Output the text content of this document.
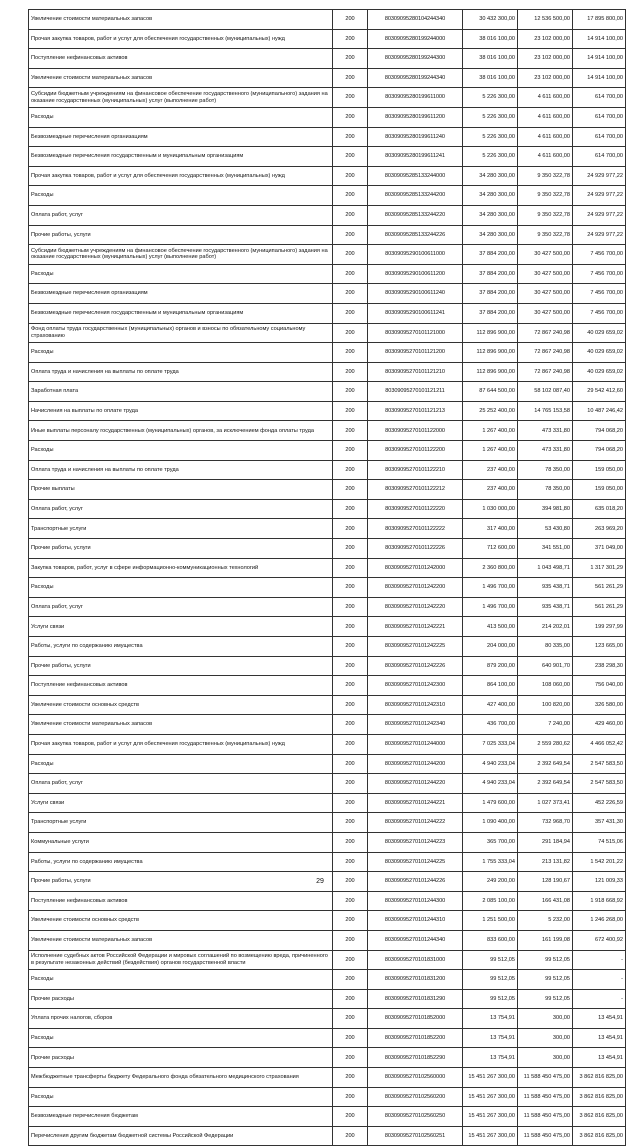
Увеличение стоимости материальных запасов	200	80309095280104244340	30 432 300,00	12 536 500,00	17 895 800,00
Прочая закупка товаров, работ и услуг для обеспечения государственных (муниципальных) нужд	200	80309095280199244000	38 016 100,00	23 102 000,00	14 914 100,00
Поступление нефинансовых активов	200	80309095280199244300	38 016 100,00	23 102 000,00	14 914 100,00
Увеличение стоимости материальных запасов	200	80309095280199244340	38 016 100,00	23 102 000,00	14 914 100,00
Субсидии бюджетным учреждениям на финансовое обеспечение государственного (муниципального) задания на оказание государственных (муниципальных) услуг (выполнение работ)	200	80309095280199611000	5 226 300,00	4 611 600,00	614 700,00
Расходы	200	80309095280199611200	5 226 300,00	4 611 600,00	614 700,00
Безвозмездные перечисления организациям	200	80309095280199611240	5 226 300,00	4 611 600,00	614 700,00
Безвозмездные перечисления государственным и муниципальным организациям	200	80309095280199611241	5 226 300,00	4 611 600,00	614 700,00
Прочая закупка товаров, работ и услуг для обеспечения государственных (муниципальных) нужд	200	80309095285133244000	34 280 300,00	9 350 322,78	24 929 977,22
Расходы	200	80309095285133244200	34 280 300,00	9 350 322,78	24 929 977,22
Оплата работ, услуг	200	80309095285133244220	34 280 300,00	9 350 322,78	24 929 977,22
Прочие работы, услуги	200	80309095285133244226	34 280 300,00	9 350 322,78	24 929 977,22
Субсидии бюджетным учреждениям на финансовое обеспечение государственного (муниципального) задания на оказание государственных (муниципальных) услуг (выполнение работ)	200	80309095290100611000	37 884 200,00	30 427 500,00	7 456 700,00
Расходы	200	80309095290100611200	37 884 200,00	30 427 500,00	7 456 700,00
Безвозмездные перечисления организациям	200	80309095290100611240	37 884 200,00	30 427 500,00	7 456 700,00
Безвозмездные перечисления государственным и муниципальным организациям	200	80309095290100611241	37 884 200,00	30 427 500,00	7 456 700,00
Фонд оплаты труда государственных (муниципальных) органов и взносы по обязательному социальному страхованию	200	80309095270101121000	112 896 900,00	72 867 240,98	40 029 659,02
Расходы	200	80309095270101121200	112 896 900,00	72 867 240,98	40 029 659,02
Оплата труда и начисления на выплаты по оплате труда	200	80309095270101121210	112 896 900,00	72 867 240,98	40 029 659,02
Заработная плата	200	80309095270101121211	87 644 500,00	58 102 087,40	29 542 412,60
Начисления на выплаты по оплате труда	200	80309095270101121213	25 252 400,00	14 765 153,58	10 487 246,42
Иные выплаты персоналу государственных (муниципальных) органов, за исключением фонда оплаты труда	200	80309095270101122000	1 267 400,00	473 331,80	794 068,20
Расходы	200	80309095270101122200	1 267 400,00	473 331,80	794 068,20
Оплата труда и начисления на выплаты по оплате труда	200	80309095270101122210	237 400,00	78 350,00	159 050,00
Прочие выплаты	200	80309095270101122212	237 400,00	78 350,00	159 050,00
Оплата работ, услуг	200	80309095270101122220	1 030 000,00	394 981,80	635 018,20
Транспортные услуги	200	80309095270101122222	317 400,00	53 430,80	263 969,20
Прочие работы, услуги	200	80309095270101122226	712 600,00	341 551,00	371 049,00
Закупка товаров, работ, услуг в сфере информационно-коммуникационных технологий	200	80309095270101242000	2 360 800,00	1 043 498,71	1 317 301,29
Расходы	200	80309095270101242200	1 496 700,00	935 438,71	561 261,29
Оплата работ, услуг	200	80309095270101242220	1 496 700,00	935 438,71	561 261,29
Услуги связи	200	80309095270101242221	413 500,00	214 202,01	199 297,99
Работы, услуги по содержанию имущества	200	80309095270101242225	204 000,00	80 335,00	123 665,00
Прочие работы, услуги	200	80309095270101242226	879 200,00	640 901,70	238 298,30
Поступление нефинансовых активов	200	80309095270101242300	864 100,00	108 060,00	756 040,00
Увеличение стоимости основных средств	200	80309095270101242310	427 400,00	100 820,00	326 580,00
Увеличение стоимости материальных запасов	200	80309095270101242340	436 700,00	7 240,00	429 460,00
Прочая закупка товаров, работ и услуг для обеспечения государственных (муниципальных) нужд	200	80309095270101244000	7 025 333,04	2 559 280,62	4 466 052,42
Расходы	200	80309095270101244200	4 940 233,04	2 392 649,54	2 547 583,50
Оплата работ, услуг	200	80309095270101244220	4 940 233,04	2 392 649,54	2 547 583,50
Услуги связи	200	80309095270101244221	1 479 600,00	1 027 373,41	452 226,59
Транспортные услуги	200	80309095270101244222	1 090 400,00	732 968,70	357 431,30
Коммунальные услуги	200	80309095270101244223	365 700,00	291 184,94	74 515,06
Работы, услуги по содержанию имущества	200	80309095270101244225	1 755 333,04	213 131,82	1 542 201,22
Прочие работы, услуги	200	80309095270101244226	249 200,00	128 190,67	121 009,33
Поступление нефинансовых активов	200	80309095270101244300	2 085 100,00	166 431,08	1 918 668,92
Увеличение стоимости основных средств	200	80309095270101244310	1 251 500,00	5 232,00	1 246 268,00
Увеличение стоимости материальных запасов	200	80309095270101244340	833 600,00	161 199,08	672 400,92
Исполнение судебных актов Российской Федерации и мировых соглашений по возмещению вреда, причиненного в результате незаконных действий (бездействия) органов государственной власти	200	80309095270101831000	99 512,05	99 512,05	-
Расходы	200	80309095270101831200	99 512,05	99 512,05	-
Прочие расходы	200	80309095270101831290	99 512,05	99 512,05	-
Уплата прочих налогов, сборов	200	80309095270101852000	13 754,91	300,00	13 454,91
Расходы	200	80309095270101852200	13 754,91	300,00	13 454,91
Прочие расходы	200	80309095270101852290	13 754,91	300,00	13 454,91
Межбюджетные трансферты бюджету Федерального фонда обязательного медицинского страхования	200	80309095270102560000	15 451 267 300,00	11 588 450 475,00	3 862 816 825,00
Расходы	200	80309095270102560200	15 451 267 300,00	11 588 450 475,00	3 862 816 825,00
Безвозмездные перечисления бюджетам	200	80309095270102560250	15 451 267 300,00	11 588 450 475,00	3 862 816 825,00
Перечисления другим бюджетам бюджетной системы Российской Федерации	200	80309095270102560251	15 451 267 300,00	11 588 450 475,00	3 862 816 825,00
29
